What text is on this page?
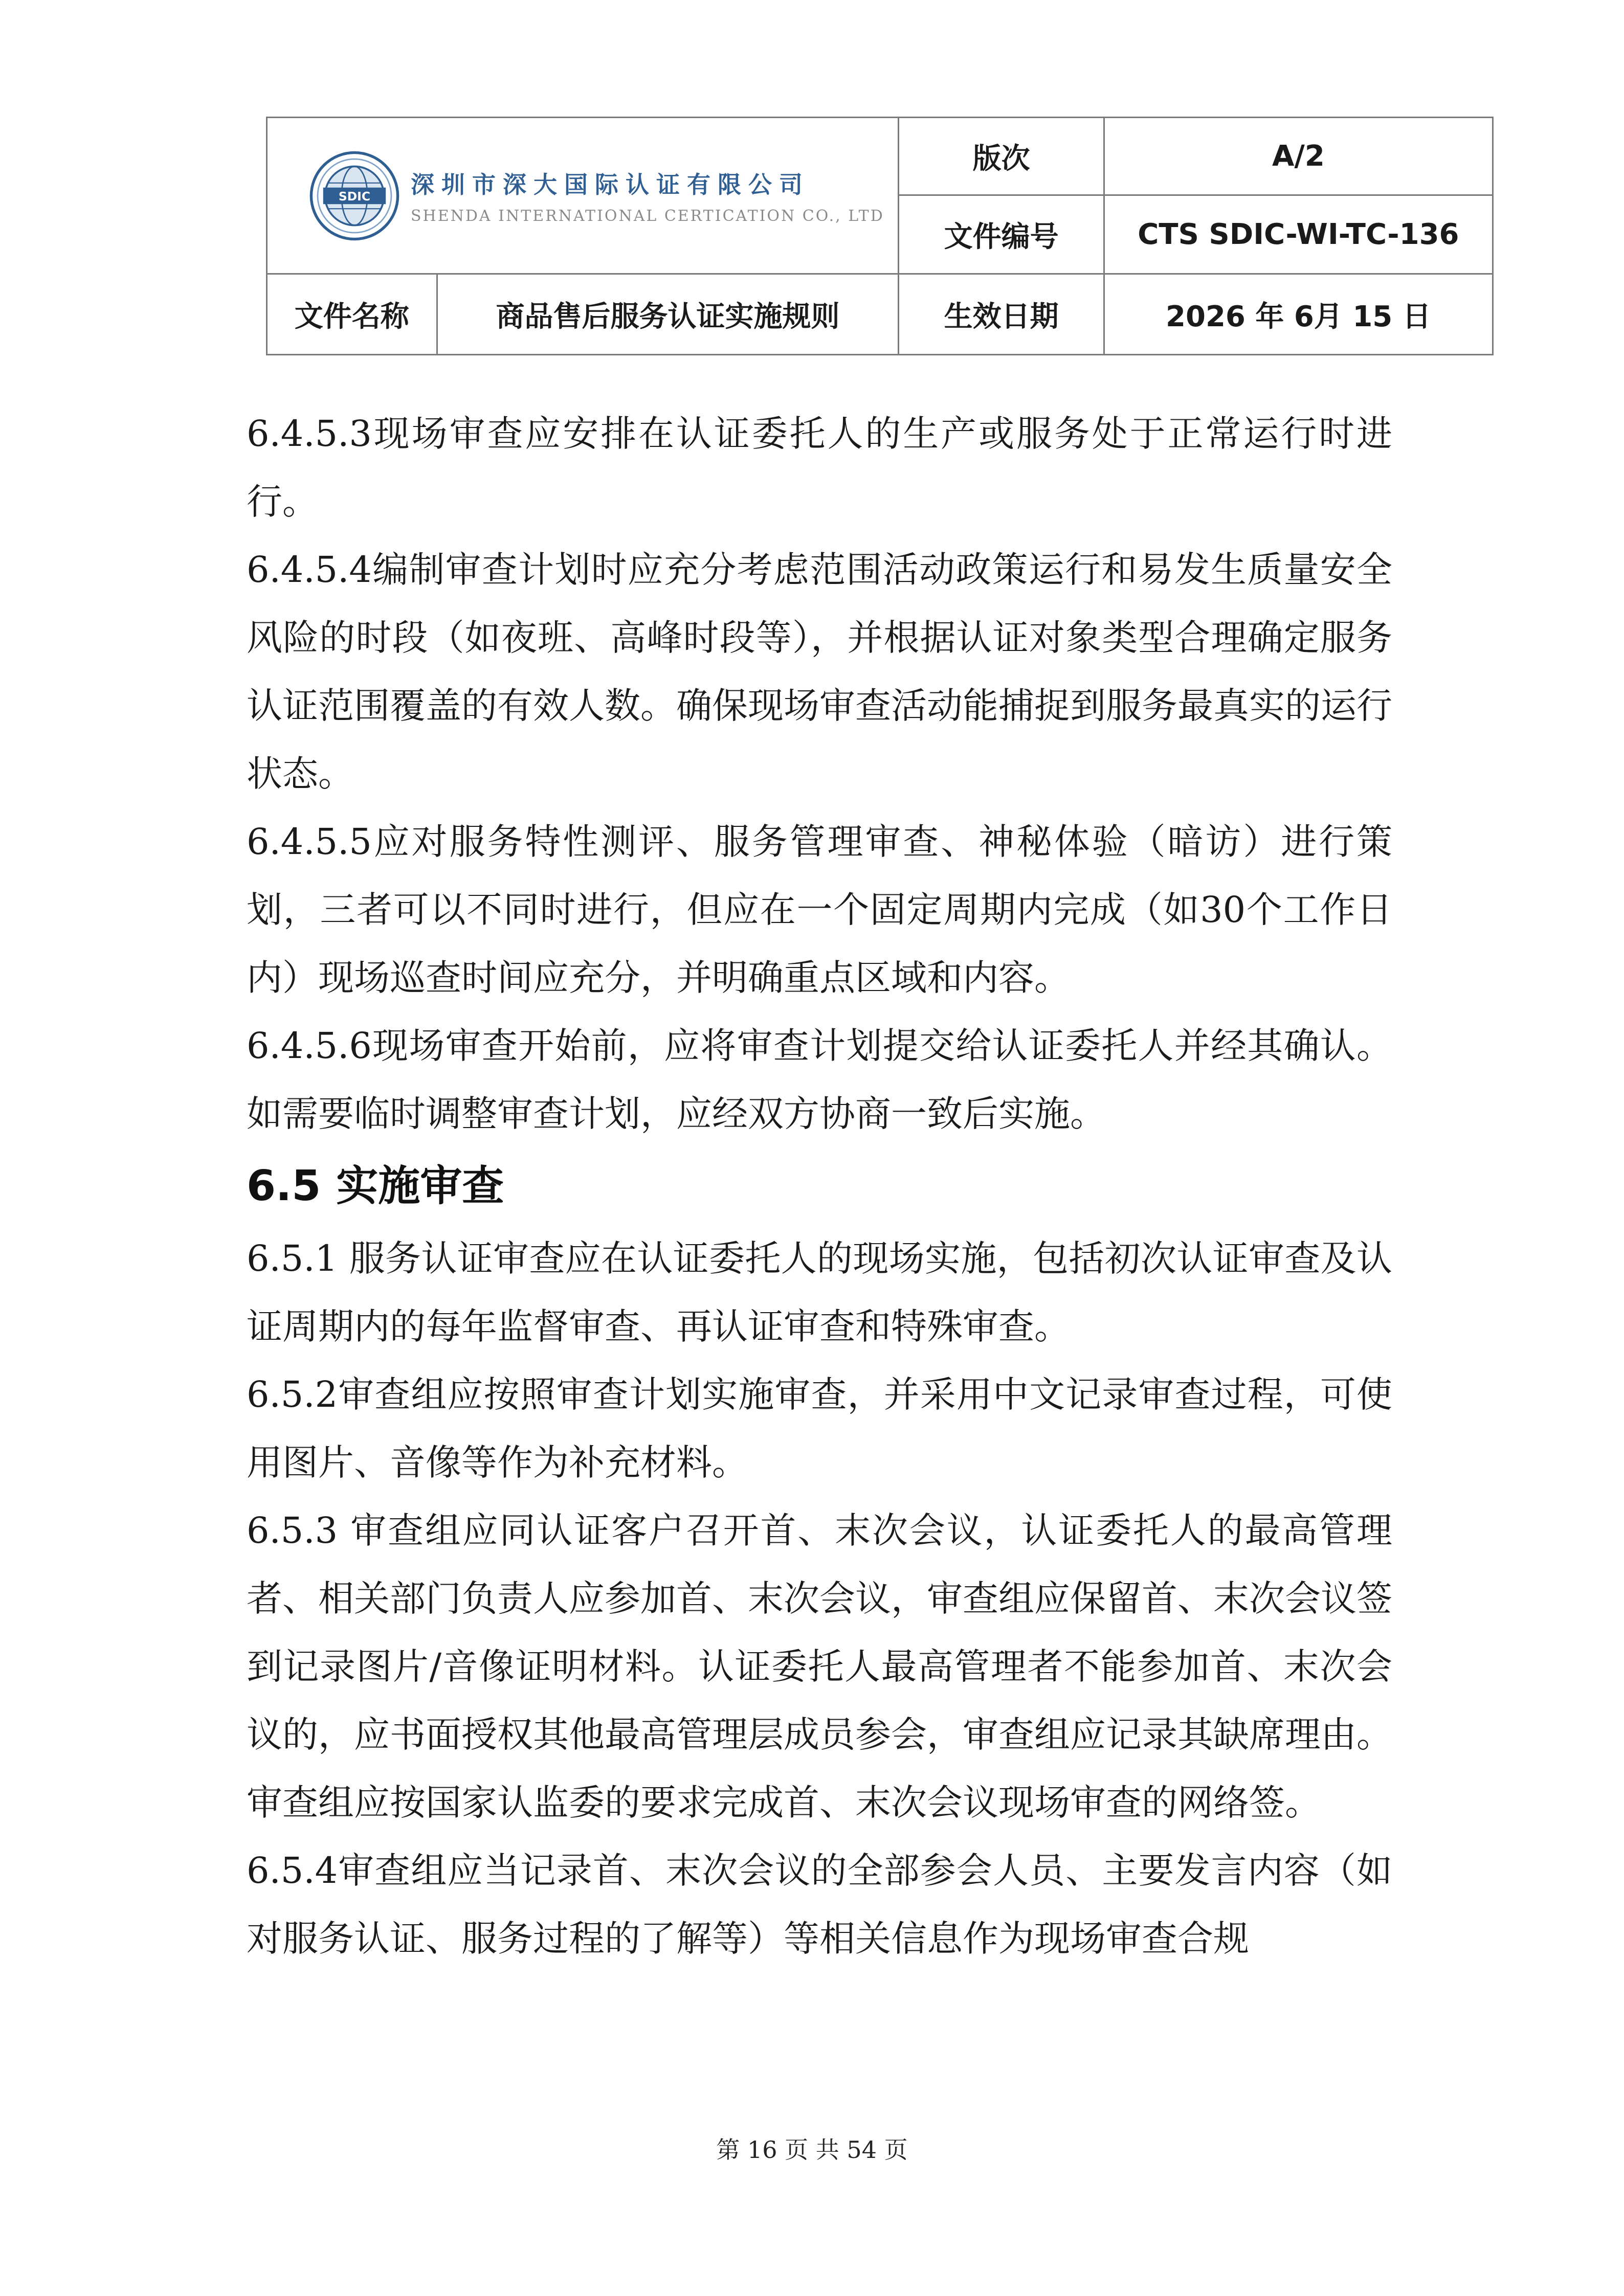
SDIC 深圳市深大国际认证有限公司
SHENDA INTERNATIONAL CERTICATION CO., LTD		版次	A/2
		文件编号	CTS SDIC-WI-TC-136
文件名称	商品售后服务认证实施规则	生效日期	2026 年 6月 15 日

6.4.5.3现场审查应安排在认证委托人的生产或服务处于正常运行时进行。

6.4.5.4编制审查计划时应充分考虑范围活动政策运行和易发生质量安全风险的时段（如夜班、高峰时段等），并根据认证对象类型合理确定服务认证范围覆盖的有效人数。确保现场审查活动能捕捉到服务最真实的运行状态。

6.4.5.5应对服务特性测评、服务管理审查、神秘体验（暗访）进行策划，三者可以不同时进行，但应在一个固定周期内完成（如30个工作日内）现场巡查时间应充分，并明确重点区域和内容。

6.4.5.6现场审查开始前，应将审查计划提交给认证委托人并经其确认。如需要临时调整审查计划，应经双方协商一致后实施。

6.5 实施审查

6.5.1 服务认证审查应在认证委托人的现场实施，包括初次认证审查及认证周期内的每年监督审查、再认证审查和特殊审查。

6.5.2审查组应按照审查计划实施审查，并采用中文记录审查过程，可使用图片、音像等作为补充材料。

6.5.3 审查组应同认证客户召开首、末次会议，认证委托人的最高管理者、相关部门负责人应参加首、末次会议，审查组应保留首、末次会议签到记录图片/音像证明材料。认证委托人最高管理者不能参加首、末次会议的，应书面授权其他最高管理层成员参会，审查组应记录其缺席理由。审查组应按国家认监委的要求完成首、末次会议现场审查的网络签。

6.5.4审查组应当记录首、末次会议的全部参会人员、主要发言内容（如对服务认证、服务过程的了解等）等相关信息作为现场审查合规

第 16 页 共 54 页
